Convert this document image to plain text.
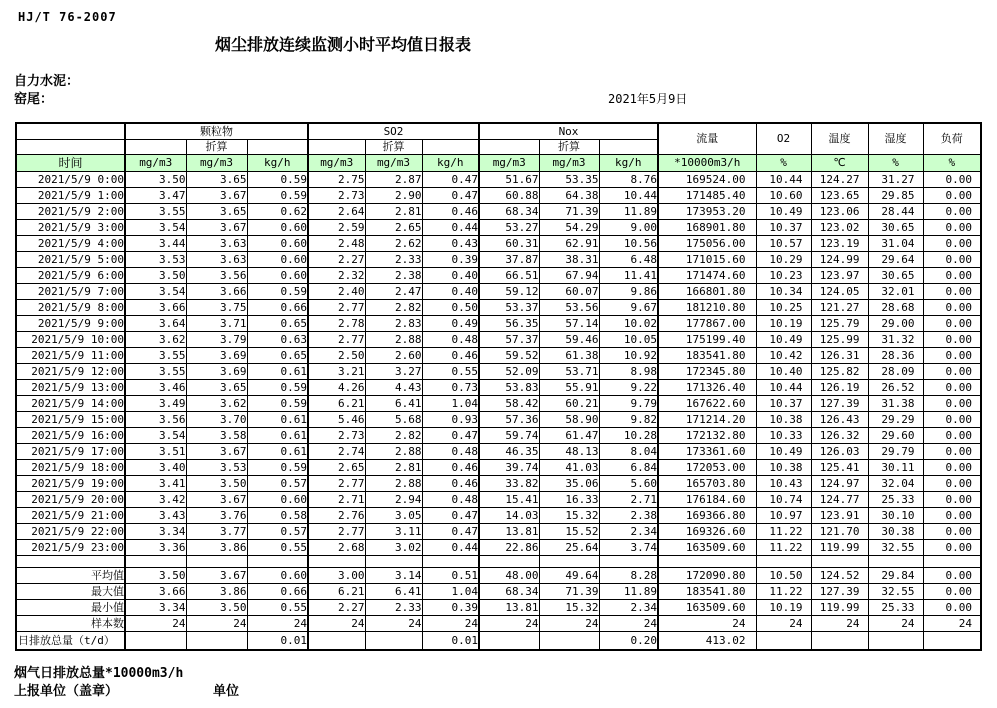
HJ/T 76-2007
烟尘排放连续监测小时平均值日报表
自力水泥：
窑尾：	2021年5月9日
	颗粒物			SO2			Nox			流量	O2	温度	湿度	负荷
		折算			折算			折算						
时间	mg/m3	mg/m3	kg/h	mg/m3	mg/m3	kg/h	mg/m3	mg/m3	kg/h	*10000m3/h	%	℃	%	%
2021/5/9 0:00	3.50	3.65	0.59	2.75	2.87	0.47	51.67	53.35	8.76	169524.00	10.44	124.27	31.27	0.00
2021/5/9 1:00	3.47	3.67	0.59	2.73	2.90	0.47	60.88	64.38	10.44	171485.40	10.60	123.65	29.85	0.00
2021/5/9 2:00	3.55	3.65	0.62	2.64	2.81	0.46	68.34	71.39	11.89	173953.20	10.49	123.06	28.44	0.00
2021/5/9 3:00	3.54	3.67	0.60	2.59	2.65	0.44	53.27	54.29	9.00	168901.80	10.37	123.02	30.65	0.00
2021/5/9 4:00	3.44	3.63	0.60	2.48	2.62	0.43	60.31	62.91	10.56	175056.00	10.57	123.19	31.04	0.00
2021/5/9 5:00	3.53	3.63	0.60	2.27	2.33	0.39	37.87	38.31	6.48	171015.60	10.29	124.99	29.64	0.00
2021/5/9 6:00	3.50	3.56	0.60	2.32	2.38	0.40	66.51	67.94	11.41	171474.60	10.23	123.97	30.65	0.00
2021/5/9 7:00	3.54	3.66	0.59	2.40	2.47	0.40	59.12	60.07	9.86	166801.80	10.34	124.05	32.01	0.00
2021/5/9 8:00	3.66	3.75	0.66	2.77	2.82	0.50	53.37	53.56	9.67	181210.80	10.25	121.27	28.68	0.00
2021/5/9 9:00	3.64	3.71	0.65	2.78	2.83	0.49	56.35	57.14	10.02	177867.00	10.19	125.79	29.00	0.00
2021/5/9 10:00	3.62	3.79	0.63	2.77	2.88	0.48	57.37	59.46	10.05	175199.40	10.49	125.99	31.32	0.00
2021/5/9 11:00	3.55	3.69	0.65	2.50	2.60	0.46	59.52	61.38	10.92	183541.80	10.42	126.31	28.36	0.00
2021/5/9 12:00	3.55	3.69	0.61	3.21	3.27	0.55	52.09	53.71	8.98	172345.80	10.40	125.82	28.09	0.00
2021/5/9 13:00	3.46	3.65	0.59	4.26	4.43	0.73	53.83	55.91	9.22	171326.40	10.44	126.19	26.52	0.00
2021/5/9 14:00	3.49	3.62	0.59	6.21	6.41	1.04	58.42	60.21	9.79	167622.60	10.37	127.39	31.38	0.00
2021/5/9 15:00	3.56	3.70	0.61	5.46	5.68	0.93	57.36	58.90	9.82	171214.20	10.38	126.43	29.29	0.00
2021/5/9 16:00	3.54	3.58	0.61	2.73	2.82	0.47	59.74	61.47	10.28	172132.80	10.33	126.32	29.60	0.00
2021/5/9 17:00	3.51	3.67	0.61	2.74	2.88	0.48	46.35	48.13	8.04	173361.60	10.49	126.03	29.79	0.00
2021/5/9 18:00	3.40	3.53	0.59	2.65	2.81	0.46	39.74	41.03	6.84	172053.00	10.38	125.41	30.11	0.00
2021/5/9 19:00	3.41	3.50	0.57	2.77	2.88	0.46	33.82	35.06	5.60	165703.80	10.43	124.97	32.04	0.00
2021/5/9 20:00	3.42	3.67	0.60	2.71	2.94	0.48	15.41	16.33	2.71	176184.60	10.74	124.77	25.33	0.00
2021/5/9 21:00	3.43	3.76	0.58	2.76	3.05	0.47	14.03	15.32	2.38	169366.80	10.97	123.91	30.10	0.00
2021/5/9 22:00	3.34	3.77	0.57	2.77	3.11	0.47	13.81	15.52	2.34	169326.60	11.22	121.70	30.38	0.00
2021/5/9 23:00	3.36	3.86	0.55	2.68	3.02	0.44	22.86	25.64	3.74	163509.60	11.22	119.99	32.55	0.00

平均值	3.50	3.67	0.60	3.00	3.14	0.51	48.00	49.64	8.28	172090.80	10.50	124.52	29.84	0.00
最大值	3.66	3.86	0.66	6.21	6.41	1.04	68.34	71.39	11.89	183541.80	11.22	127.39	32.55	0.00
最小值	3.34	3.50	0.55	2.27	2.33	0.39	13.81	15.32	2.34	163509.60	10.19	119.99	25.33	0.00
样本数	24	24	24	24	24	24	24	24	24	24	24	24	24	24
日排放总量（t/d）			0.01			0.01			0.20	413.02				
烟气日排放总量*10000m3/h
上报单位（盖章）	单位
